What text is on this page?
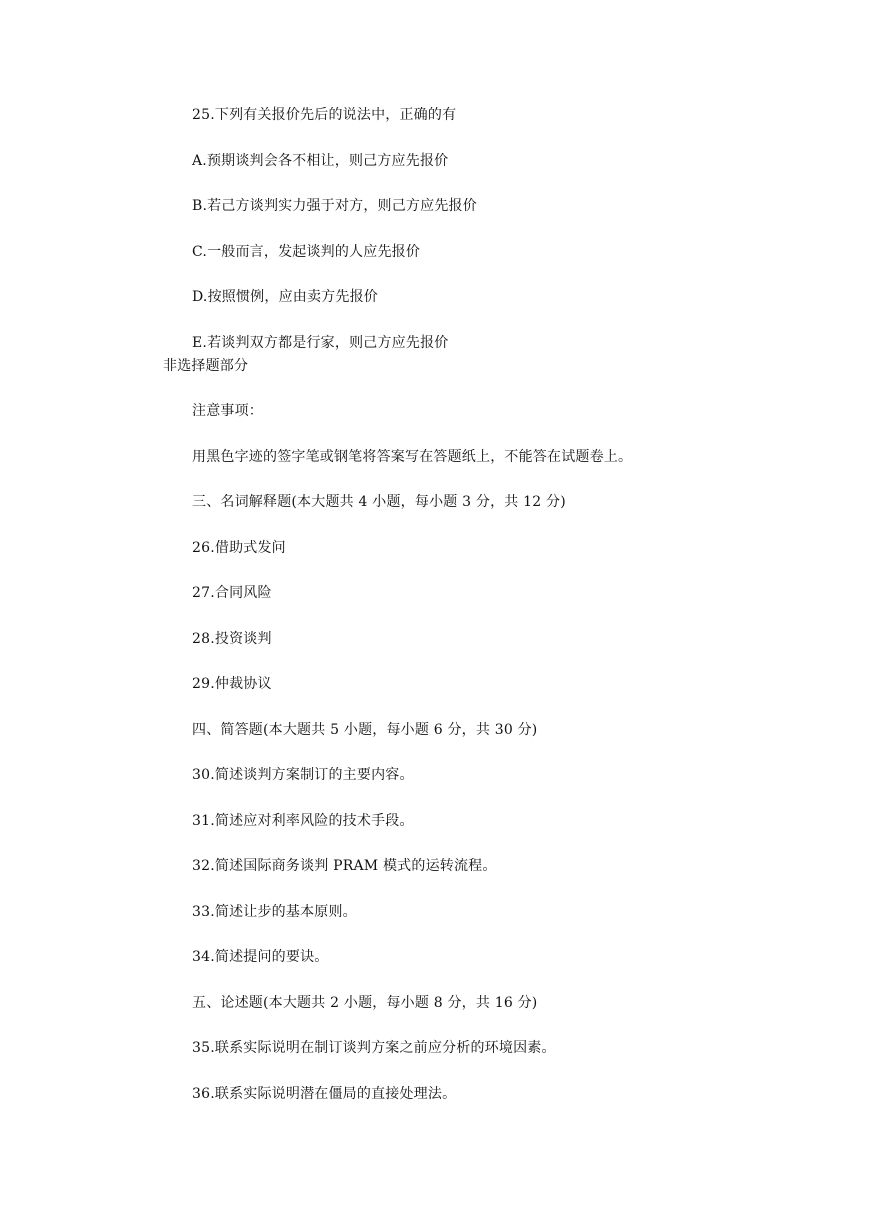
25.下列有关报价先后的说法中，正确的有
A.预期谈判会各不相让，则己方应先报价
B.若己方谈判实力强于对方，则己方应先报价
C.一般而言，发起谈判的人应先报价
D.按照惯例，应由卖方先报价
E.若谈判双方都是行家，则己方应先报价
非选择题部分
注意事项：
用黑色字迹的签字笔或钢笔将答案写在答题纸上，不能答在试题卷上。
三、名词解释题(本大题共 4 小题，每小题 3 分，共 12 分)
26.借助式发问
27.合同风险
28.投资谈判
29.仲裁协议
四、简答题(本大题共 5 小题，每小题 6 分，共 30 分)
30.简述谈判方案制订的主要内容。
31.简述应对利率风险的技术手段。
32.简述国际商务谈判 PRAM 模式的运转流程。
33.简述让步的基本原则。
34.简述提问的要诀。
五、论述题(本大题共 2 小题，每小题 8 分，共 16 分)
35.联系实际说明在制订谈判方案之前应分析的环境因素。
36.联系实际说明潜在僵局的直接处理法。
